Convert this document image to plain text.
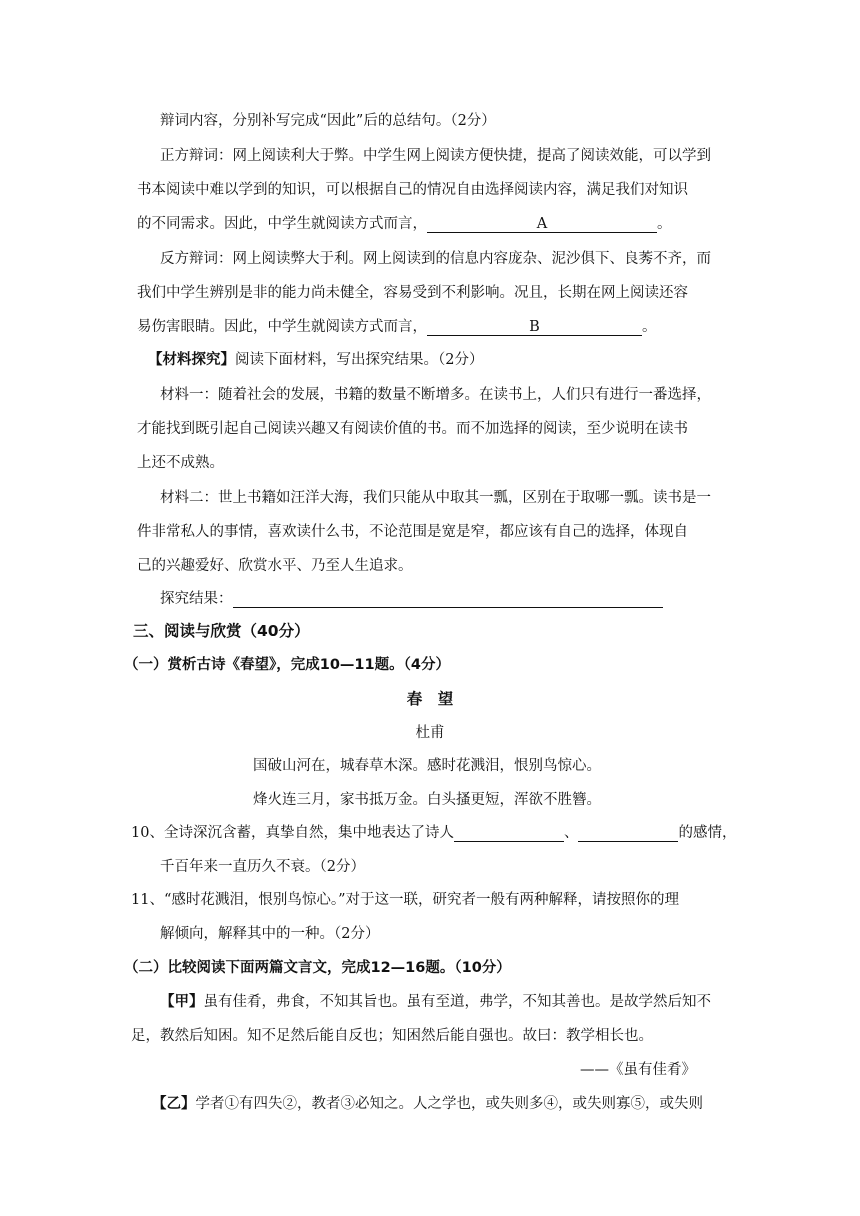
辩词内容，分别补写完成“因此”后的总结句。（2分）
正方辩词：网上阅读利大于弊。中学生网上阅读方便快捷，提高了阅读效能，可以学到
书本阅读中难以学到的知识，可以根据自己的情况自由选择阅读内容，满足我们对知识
的不同需求。因此，中学生就阅读方式而言，	A	。
反方辩词：网上阅读弊大于利。网上阅读到的信息内容庞杂、泥沙俱下、良莠不齐，而
我们中学生辨别是非的能力尚未健全，容易受到不利影响。况且，长期在网上阅读还容
易伤害眼睛。因此，中学生就阅读方式而言，	B	。
【材料探究】阅读下面材料，写出探究结果。（2分）
材料一：随着社会的发展，书籍的数量不断增多。在读书上，人们只有进行一番选择，
才能找到既引起自己阅读兴趣又有阅读价值的书。而不加选择的阅读，至少说明在读书
上还不成熟。
材料二：世上书籍如汪洋大海，我们只能从中取其一瓢，区别在于取哪一瓢。读书是一
件非常私人的事情，喜欢读什么书，不论范围是宽是窄，都应该有自己的选择，体现自
己的兴趣爱好、欣赏水平、乃至人生追求。
探究结果：
三、阅读与欣赏（40分）
（一）赏析古诗《春望》，完成10—11题。（4分）
春　望
杜甫
国破山河在，城春草木深。感时花溅泪，恨别鸟惊心。
烽火连三月，家书抵万金。白头搔更短，浑欲不胜簪。
10、全诗深沉含蓄，真挚自然，集中地表达了诗人	、	的感情，
千百年来一直历久不衰。（2分）
11、“感时花溅泪，恨别鸟惊心。”对于这一联，研究者一般有两种解释，请按照你的理
解倾向，解释其中的一种。（2分）
（二）比较阅读下面两篇文言文，完成12—16题。（10分）
【甲】虽有佳肴，弗食，不知其旨也。虽有至道，弗学，不知其善也。是故学然后知不
足，教然后知困。知不足然后能自反也；知困然后能自强也。故曰：教学相长也。
——《虽有佳肴》
【乙】学者①有四失②，教者③必知之。人之学也，或失则多④，或失则寡⑤，或失则
